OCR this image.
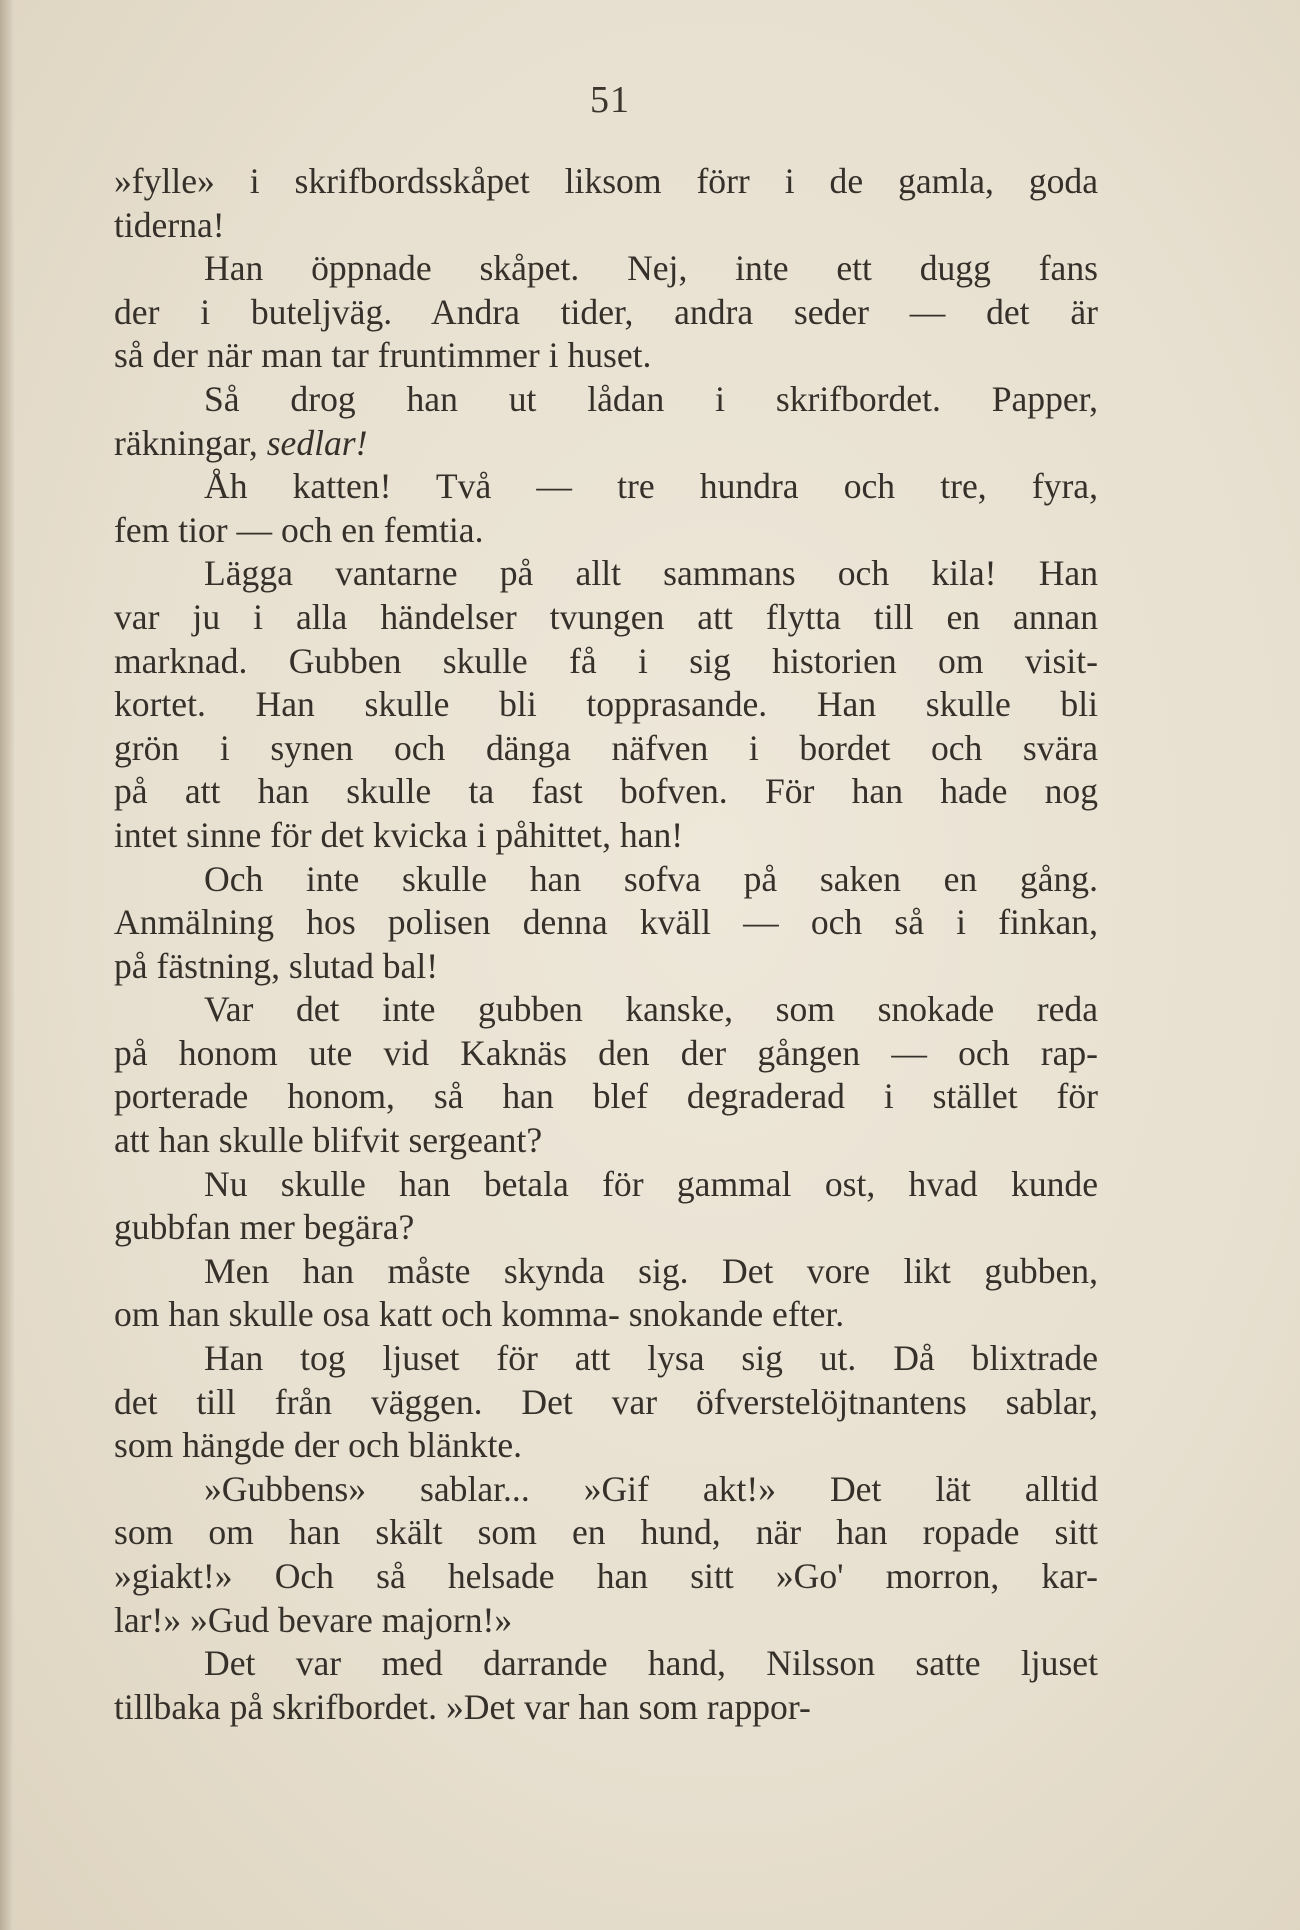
51
»fylle» i skrifbordsskåpet liksom förr i de gamla, goda
tiderna!
Han öppnade skåpet. Nej, inte ett dugg fans
der i buteljväg. Andra tider, andra seder — det är
så der när man tar fruntimmer i huset.
Så drog han ut lådan i skrifbordet. Papper,
räkningar, sedlar!
Åh katten! Två — tre hundra och tre, fyra,
fem tior — och en femtia.
Lägga vantarne på allt sammans och kila! Han
var ju i alla händelser tvungen att flytta till en annan
marknad. Gubben skulle få i sig historien om visit-
kortet. Han skulle bli topprasande. Han skulle bli
grön i synen och dänga näfven i bordet och svära
på att han skulle ta fast bofven. För han hade nog
intet sinne för det kvicka i påhittet, han!
Och inte skulle han sofva på saken en gång.
Anmälning hos polisen denna kväll — och så i finkan,
på fästning, slutad bal!
Var det inte gubben kanske, som snokade reda
på honom ute vid Kaknäs den der gången — och rap-
porterade honom, så han blef degraderad i stället för
att han skulle blifvit sergeant?
Nu skulle han betala för gammal ost, hvad kunde
gubbfan mer begära?
Men han måste skynda sig. Det vore likt gubben,
om han skulle osa katt och komma- snokande efter.
Han tog ljuset för att lysa sig ut. Då blixtrade
det till från väggen. Det var öfverstelöjtnantens sablar,
som hängde der och blänkte.
»Gubbens» sablar... »Gif akt!» Det lät alltid
som om han skält som en hund, när han ropade sitt
»giakt!» Och så helsade han sitt »Go' morron, kar-
lar!» »Gud bevare majorn!»
Det var med darrande hand, Nilsson satte ljuset
tillbaka på skrifbordet. »Det var han som rappor-
